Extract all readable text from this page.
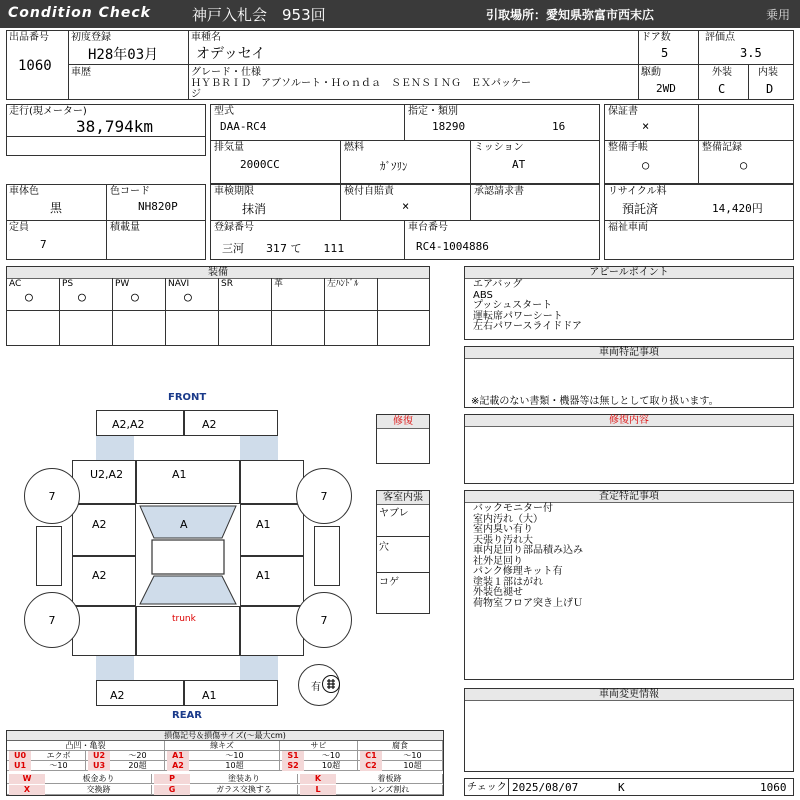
Condition Check	神戸入札会　953回	引取場所：愛知県弥富市西末広	乗用
出品番号
1060
初度登録
H28年03月
車歴
車種名
オデッセイ
グレード・仕様
ＨＹＢＲＩＤ　アブソルート・Ｈｏｎｄａ　ＳＥＮＳＩＮＧ　ＥＸパッケー
ジ
ドア数
5
評価点
3.5
駆動
2WD
外装
C
内装
D
走行(現メーター)
38,794km
型式
DAA-RC4
指定・類別
18290	16
排気量
2000CC
燃料
ｶﾞｿﾘﾝ
ミッション
AT
保証書
×
整備手帳
○
整備記録
○
車体色
黒
色コード
NH820P
定員
7
積載量
車検期限
抹消
検付自賠責
×
承認請求書
登録番号
三河　　317 て　　111
車台番号
RC4-1004886
リサイクル料
預託済	14,420円
福祉車両
装備
AC
○
PS
○
PW
○
NAVI
○
SR	革	左ﾊﾝﾄﾞﾙ
アピールポイント
エアバッグ
ABS
プッシュスタート
運転席パワーシート
左右パワースライドドア
車両特記事項
※記載のない書類・機器等は無しとして取り扱います。
修復内容
査定特記事項
バックモニター付
室内汚れ（大）
室内臭い有り
天張り汚れ大
車内足回り部品積み込み
社外足回り
パンク修理キット有
塗装１部はがれ
外装色褪せ
荷物室フロア突き上げＵ
車両変更情報
チェック 2025/08/07	K	1060
FRONT
REAR
7	7
7	7
有
A2,A2	A2
U2,A2	A1
A
A2	A1
A2	A1
trunk
A2	A1
修復
客室内張
ヤブレ
穴
コゲ
損傷記号＆損傷サイズ(〜最大cm)
凸凹・亀裂	線キズ	サビ	腐食
U0	エクボ	U2	〜20	A1	〜10	S1	〜10	C1	〜10
U1	〜10	U3	20超	A2	10超	S2	10超	C2	10超
W	板金あり	P	塗装あり	K	着板跡
X	交換跡	G	ガラス交換する	L	レンズ割れ
